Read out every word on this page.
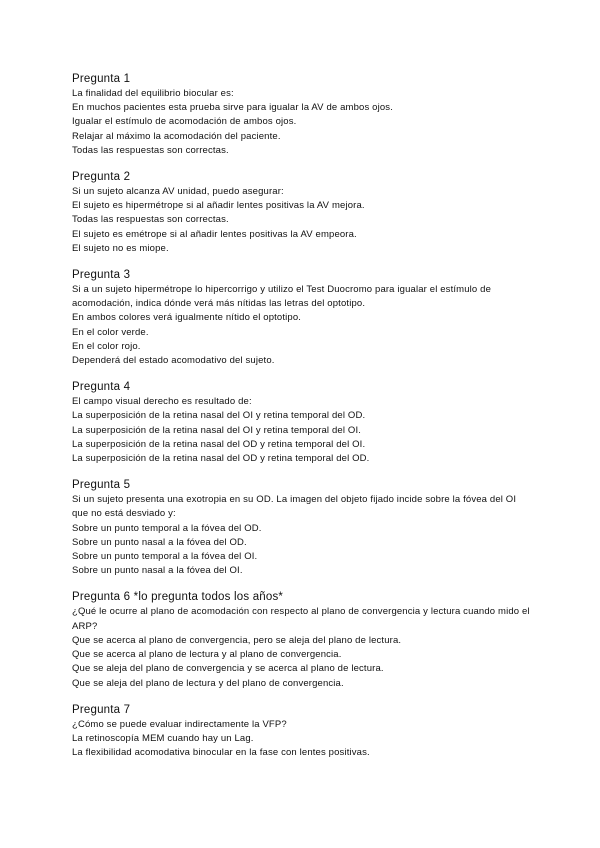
Pregunta 1
La finalidad del equilibrio biocular es:
En muchos pacientes esta prueba sirve para igualar la AV de ambos ojos.
Igualar el estímulo de acomodación de ambos ojos.
Relajar al máximo la acomodación del paciente.
Todas las respuestas son correctas.
Pregunta 2
Si un sujeto alcanza AV unidad, puedo asegurar:
El sujeto es hipermétrope si al añadir lentes positivas la AV mejora.
Todas las respuestas son correctas.
El sujeto es emétrope si al añadir lentes positivas la AV empeora.
El sujeto no es miope.
Pregunta 3
Si a un sujeto hipermétrope lo hipercorrigo y utilizo el Test Duocromo para igualar el estímulo de acomodación, indica dónde verá más nítidas las letras del optotipo.
En ambos colores verá igualmente nítido el optotipo.
En el color verde.
En el color rojo.
Dependerá del estado acomodativo del sujeto.
Pregunta 4
El campo visual derecho es resultado de:
La superposición de la retina nasal del OI y retina temporal del OD.
La superposición de la retina nasal del OI y retina temporal del OI.
La superposición de la retina nasal del OD y retina temporal del OI.
La superposición de la retina nasal del OD y retina temporal del OD.
Pregunta 5
Si un sujeto presenta una exotropia en su OD. La imagen del objeto fijado incide sobre la fóvea del OI que no está desviado y:
Sobre un punto temporal a la fóvea del OD.
Sobre un punto nasal a la fóvea del OD.
Sobre un punto temporal a la fóvea del OI.
Sobre un punto nasal a la fóvea del OI.
Pregunta 6 *lo pregunta todos los años*
¿Qué le ocurre al plano de acomodación con respecto al plano de convergencia y lectura cuando mido el ARP?
Que se acerca al plano de convergencia, pero se aleja del plano de lectura.
Que se acerca al plano de lectura y al plano de convergencia.
Que se aleja del plano de convergencia y se acerca al plano de lectura.
Que se aleja del plano de lectura y del plano de convergencia.
Pregunta 7
¿Cómo se puede evaluar indirectamente la VFP?
La retinoscopía MEM cuando hay un Lag.
La flexibilidad acomodativa binocular en la fase con lentes positivas.
